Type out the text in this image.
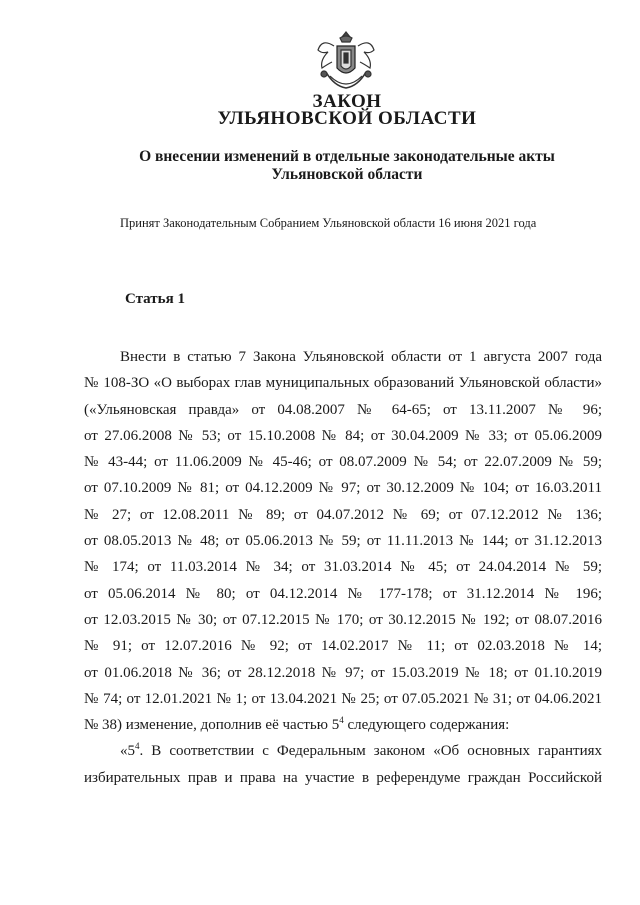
ЗАКОН
УЛЬЯНОВСКОЙ ОБЛАСТИ
О внесении изменений в отдельные законодательные акты
Ульяновской области
Принят Законодательным Собранием Ульяновской области 16 июня 2021 года
Статья 1
Внести в статью 7 Закона Ульяновской области от 1 августа 2007 года
№ 108-ЗО «О выборах глав муниципальных образований Ульяновской области»
(«Ульяновская правда» от 04.08.2007 № 64-65; от 13.11.2007 № 96;
от 27.06.2008 № 53; от 15.10.2008 № 84; от 30.04.2009 № 33; от 05.06.2009
№ 43-44; от 11.06.2009 № 45-46; от 08.07.2009 № 54; от 22.07.2009 № 59;
от 07.10.2009 № 81; от 04.12.2009 № 97; от 30.12.2009 № 104; от 16.03.2011
№ 27; от 12.08.2011 № 89; от 04.07.2012 № 69; от 07.12.2012 № 136;
от 08.05.2013 № 48; от 05.06.2013 № 59; от 11.11.2013 № 144; от 31.12.2013
№ 174; от 11.03.2014 № 34; от 31.03.2014 № 45; от 24.04.2014 № 59;
от 05.06.2014 № 80; от 04.12.2014 № 177-178; от 31.12.2014 № 196;
от 12.03.2015 № 30; от 07.12.2015 № 170; от 30.12.2015 № 192; от 08.07.2016
№ 91; от 12.07.2016 № 92; от 14.02.2017 № 11; от 02.03.2018 № 14;
от 01.06.2018 № 36; от 28.12.2018 № 97; от 15.03.2019 № 18; от 01.10.2019
№ 74; от 12.01.2021 № 1; от 13.04.2021 № 25; от 07.05.2021 № 31; от 04.06.2021
№ 38) изменение, дополнив её частью $5^4$ следующего содержания:
«$5^4$. В соответствии с Федеральным законом «Об основных гарантиях
избирательных прав и права на участие в референдуме граждан Российской
